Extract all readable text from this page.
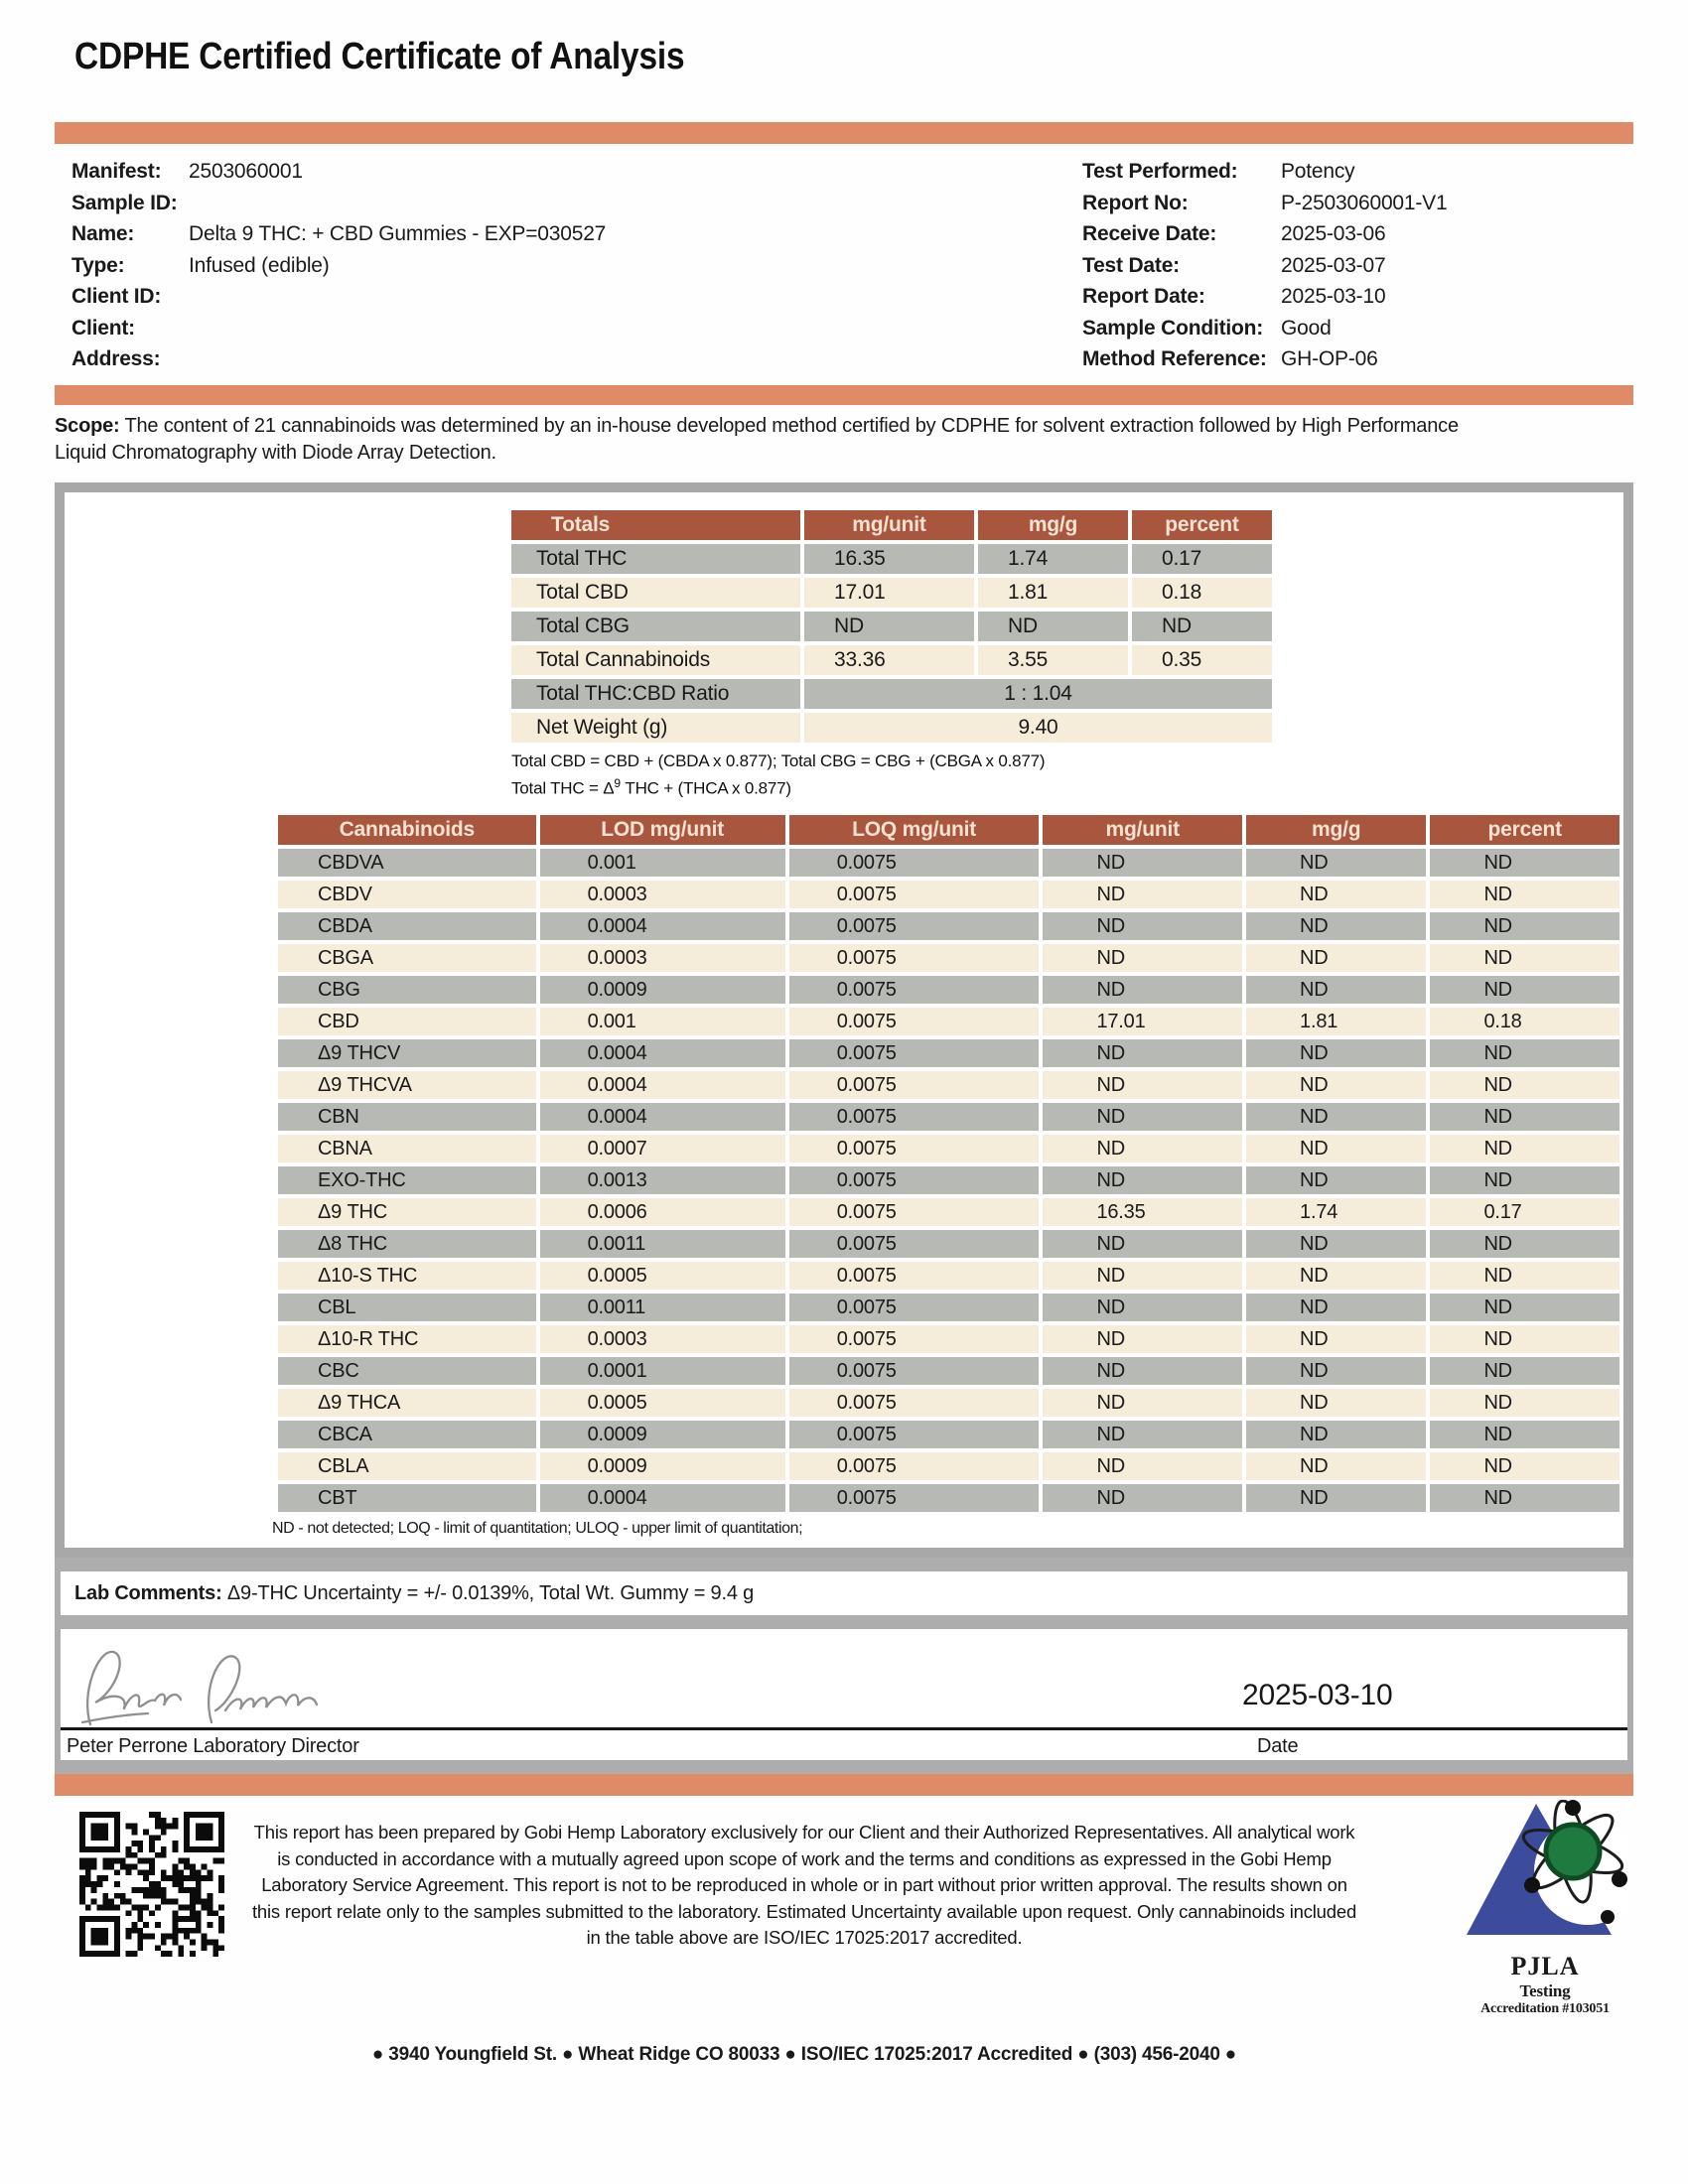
CDPHE Certified Certificate of Analysis
Manifest:	2503060001
Sample ID:
Name:	Delta 9 THC: + CBD Gummies - EXP=030527
Type:	Infused (edible)
Client ID:
Client:
Address:
Test Performed:	Potency
Report No:	P-2503060001-V1
Receive Date:	2025-03-06
Test Date:	2025-03-07
Report Date:	2025-03-10
Sample Condition: Good
Method Reference: GH-OP-06

Scope: The content of 21 cannabinoids was determined by an in-house developed method certified by CDPHE for solvent extraction followed by High Performance Liquid Chromatography with Diode Array Detection.

Totals	mg/unit	mg/g	percent
Total THC	16.35	1.74	0.17
Total CBD	17.01	1.81	0.18
Total CBG	ND	ND	ND
Total Cannabinoids	33.36	3.55	0.35
Total THC:CBD Ratio	1 : 1.04		
Net Weight (g)	9.40		
Total CBD = CBD + (CBDA x 0.877); Total CBG = CBG + (CBGA x 0.877)
Total THC = $\Delta^9$ THC + (THCA x 0.877)
Cannabinoids	LOD mg/unit	LOQ mg/unit	mg/unit	mg/g	percent
CBDVA	0.001	0.0075	ND	ND	ND
CBDV	0.0003	0.0075	ND	ND	ND
CBDA	0.0004	0.0075	ND	ND	ND
CBGA	0.0003	0.0075	ND	ND	ND
CBG	0.0009	0.0075	ND	ND	ND
CBD	0.001	0.0075	17.01	1.81	0.18
Δ9 THCV	0.0004	0.0075	ND	ND	ND
Δ9 THCVA	0.0004	0.0075	ND	ND	ND
CBN	0.0004	0.0075	ND	ND	ND
CBNA	0.0007	0.0075	ND	ND	ND
EXO-THC	0.0013	0.0075	ND	ND	ND
Δ9 THC	0.0006	0.0075	16.35	1.74	0.17
Δ8 THC	0.0011	0.0075	ND	ND	ND
Δ10-S THC	0.0005	0.0075	ND	ND	ND
CBL	0.0011	0.0075	ND	ND	ND
Δ10-R THC	0.0003	0.0075	ND	ND	ND
CBC	0.0001	0.0075	ND	ND	ND
Δ9 THCA	0.0005	0.0075	ND	ND	ND
CBCA	0.0009	0.0075	ND	ND	ND
CBLA	0.0009	0.0075	ND	ND	ND
CBT	0.0004	0.0075	ND	ND	ND
ND - not detected; LOQ - limit of quantitation; ULOQ - upper limit of quantitation;

Lab Comments: Δ9-THC Uncertainty = +/- 0.0139%, Total Wt. Gummy = 9.4 g

2025-03-10
Peter Perrone Laboratory Director	Date

This report has been prepared by Gobi Hemp Laboratory exclusively for our Client and their Authorized Representatives. All analytical work is conducted in accordance with a mutually agreed upon scope of work and the terms and conditions as expressed in the Gobi Hemp Laboratory Service Agreement. This report is not to be reproduced in whole or in part without prior written approval. The results shown on this report relate only to the samples submitted to the laboratory. Estimated Uncertainty available upon request. Only cannabinoids included in the table above are ISO/IEC 17025:2017 accredited.

● 3940 Youngfield St. ● Wheat Ridge CO 80033 ● ISO/IEC 17025:2017 Accredited ● (303) 456-2040 ●

PJLA
Testing
Accreditation #103051
